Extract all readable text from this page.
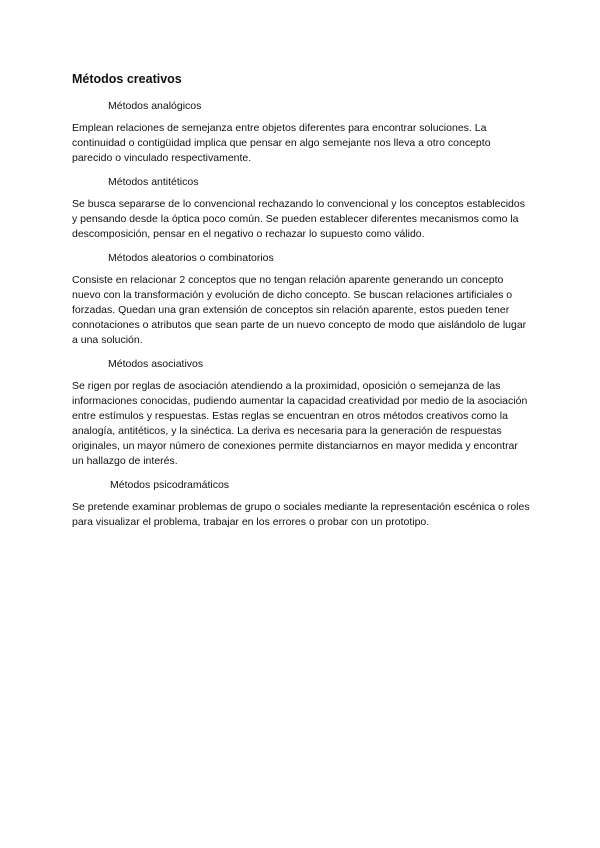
Métodos creativos
Métodos analógicos

Emplean relaciones de semejanza entre objetos diferentes para encontrar soluciones. La continuidad o contigüidad implica que pensar en algo semejante nos lleva a otro concepto parecido o vinculado respectivamente.

Métodos antitéticos

Se busca separarse de lo convencional rechazando lo convencional y los conceptos establecidos y pensando desde la óptica poco común. Se pueden establecer diferentes mecanismos como la descomposición, pensar en el negativo o rechazar lo supuesto como válido.

Métodos aleatorios o combinatorios

Consiste en relacionar 2 conceptos que no tengan relación aparente generando un concepto nuevo con la transformación y evolución de dicho concepto. Se buscan relaciones artificiales o forzadas. Quedan una gran extensión de conceptos sin relación aparente, estos pueden tener connotaciones o atributos que sean parte de un nuevo concepto de modo que aislándolo de lugar a una solución.

Métodos asociativos

Se rigen por reglas de asociación atendiendo a la proximidad, oposición o semejanza de las informaciones conocidas, pudiendo aumentar la capacidad creatividad por medio de la asociación entre estímulos y respuestas. Estas reglas se encuentran en otros métodos creativos como la analogía, antitéticos, y la sinéctica. La deriva es necesaria para la generación de respuestas originales, un mayor número de conexiones permite distanciarnos en mayor medida y encontrar un hallazgo de interés.

Métodos psicodramáticos

Se pretende examinar problemas de grupo o sociales mediante la representación escénica o roles para visualizar el problema, trabajar en los errores o probar con un prototipo.
